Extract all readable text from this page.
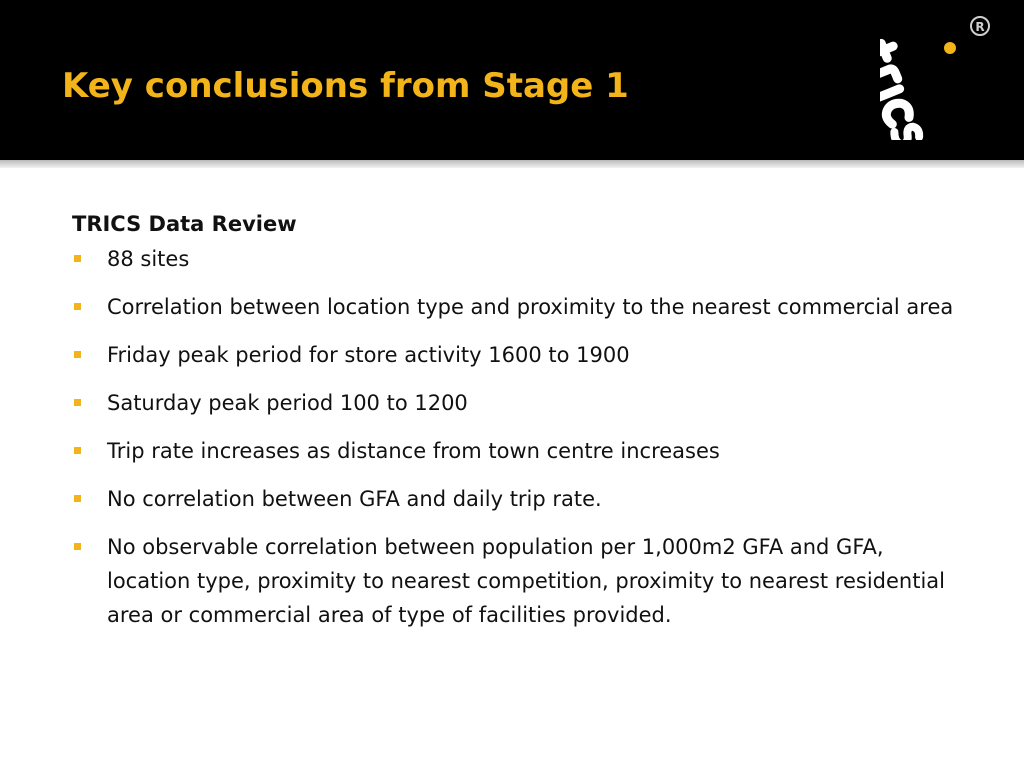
Key conclusions from Stage 1
R
TRICS Data Review
88 sites
Correlation between location type and proximity to the nearest commercial area
Friday peak period for store activity 1600 to 1900
Saturday peak period 100 to 1200
Trip rate increases as distance from town centre increases
No correlation between GFA and daily trip rate.
No observable correlation between population per 1,000m2 GFA and GFA, location type, proximity to nearest competition, proximity to nearest residential area or commercial area of type of facilities provided.
